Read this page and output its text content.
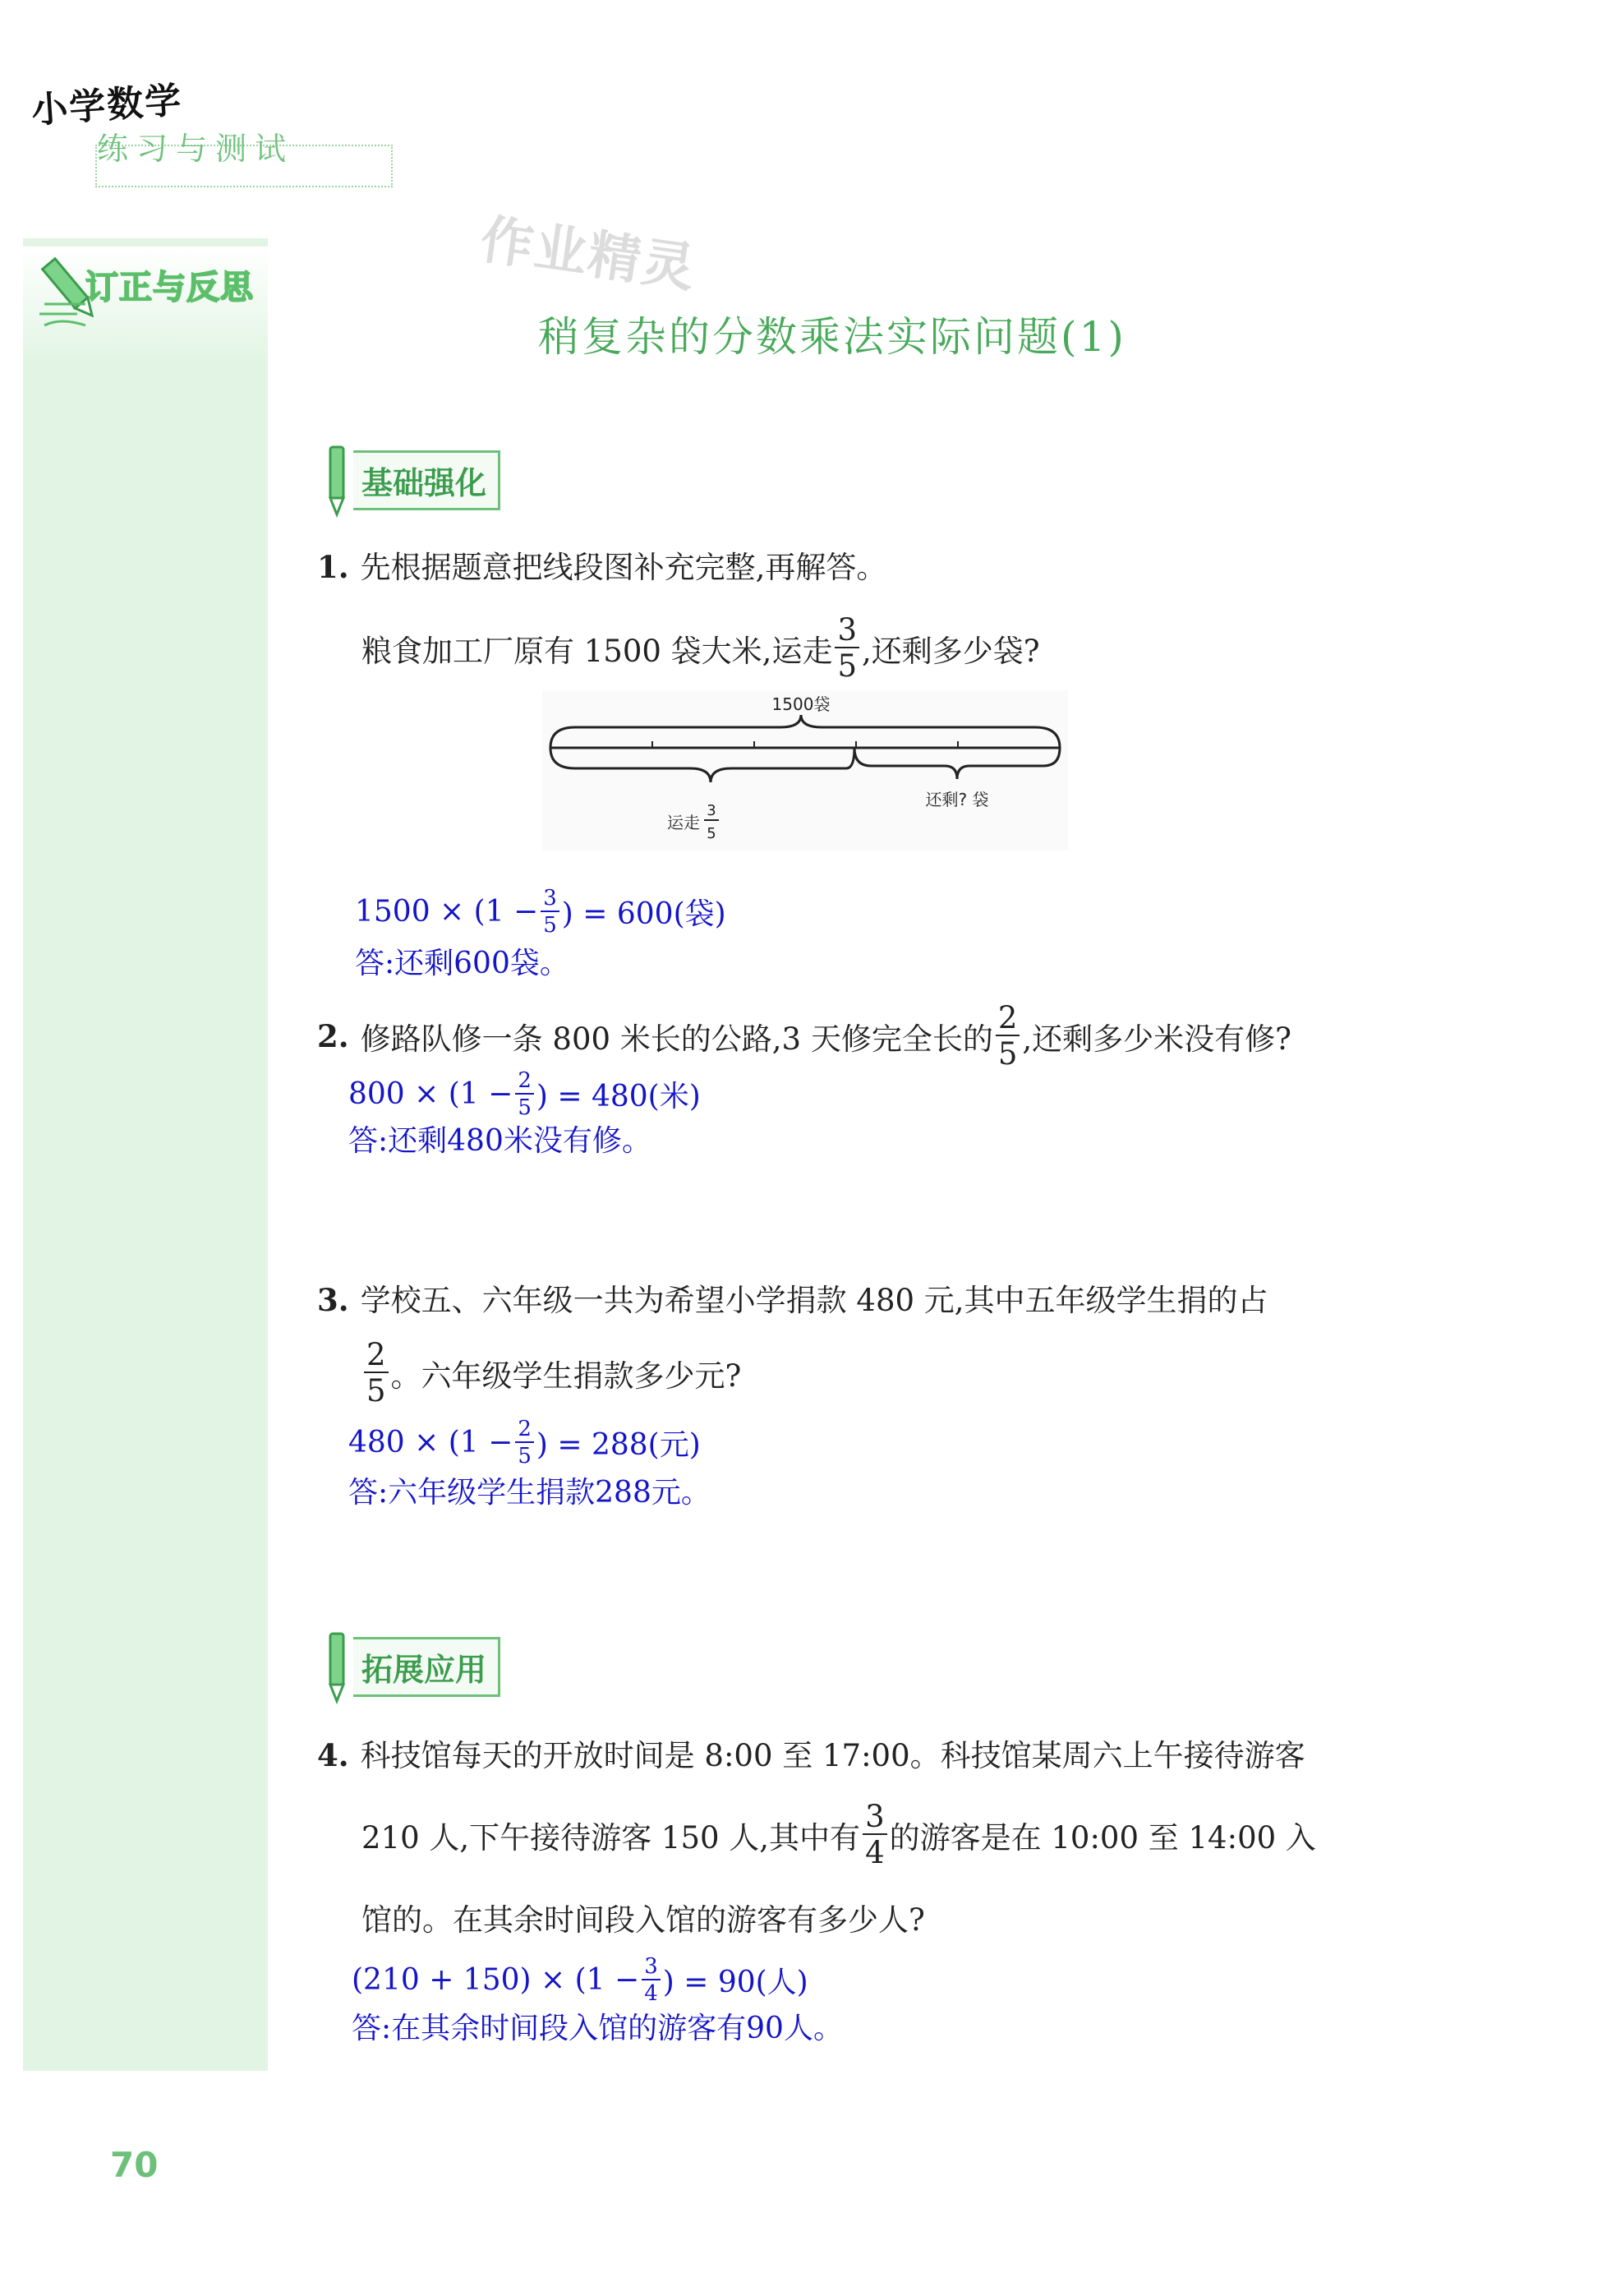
小学数学
练习与测试
订正与反思	作业精灵
稍复杂的分数乘法实际问题(1)
基础强化
1. 先根据题意把线段图补充完整,再解答。
粮食加工厂原有 1500 袋大米,运走 $\frac{3}{5}$ ,还剩多少袋?
1500袋
运走
3
5
还剩? 袋
$1500 \times (1 - \frac{3}{5}$ ) = 600(袋)
答:还剩600袋。
2. 修路队修一条 800 米长的公路,3 天修完全长的 $\frac{2}{5}$ ,还剩多少米没有修?
$800 \times (1 - \frac{2}{5}$ ) = 480(米)
答:还剩480米没有修。
3. 学校五、六年级一共为希望小学捐款 480 元,其中五年级学生捐的占
$\frac{2}{5}$ 。六年级学生捐款多少元?
$480 \times (1 - \frac{2}{5}$ ) = 288(元)
答:六年级学生捐款288元。
拓展应用
4. 科技馆每天的开放时间是 8:00 至 17:00。科技馆某周六上午接待游客
210 人,下午接待游客 150 人,其中有 $\frac{3}{4}$ 的游客是在 10:00 至 14:00 入
馆的。在其余时间段入馆的游客有多少人?
$(210 + 150) \times (1 - \frac{3}{4}$ ) = 90(人)
答:在其余时间段入馆的游客有90人。
70
